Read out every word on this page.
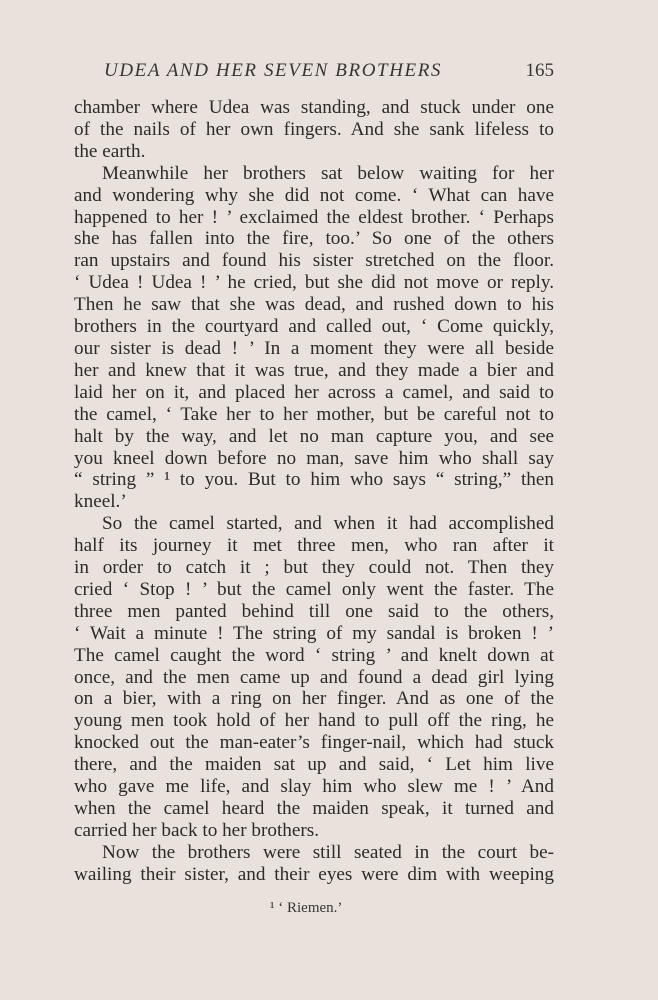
UDEA AND HER SEVEN BROTHERS	165
chamber where Udea was standing, and stuck under one
of the nails of her own fingers. And she sank lifeless to
the earth.
Meanwhile her brothers sat below waiting for her
and wondering why she did not come. ‘ What can have
happened to her ! ’ exclaimed the eldest brother. ‘ Perhaps
she has fallen into the fire, too.’ So one of the others
ran upstairs and found his sister stretched on the floor.
‘ Udea ! Udea ! ’ he cried, but she did not move or reply.
Then he saw that she was dead, and rushed down to his
brothers in the courtyard and called out, ‘ Come quickly,
our sister is dead ! ’ In a moment they were all beside
her and knew that it was true, and they made a bier and
laid her on it, and placed her across a camel, and said to
the camel, ‘ Take her to her mother, but be careful not to
halt by the way, and let no man capture you, and see
you kneel down before no man, save him who shall say
“ string ” ¹ to you. But to him who says “ string,” then
kneel.’
So the camel started, and when it had accomplished
half its journey it met three men, who ran after it
in order to catch it ; but they could not. Then they
cried ‘ Stop ! ’ but the camel only went the faster. The
three men panted behind till one said to the others,
‘ Wait a minute ! The string of my sandal is broken ! ’
The camel caught the word ‘ string ’ and knelt down at
once, and the men came up and found a dead girl lying
on a bier, with a ring on her finger. And as one of the
young men took hold of her hand to pull off the ring, he
knocked out the man-eater’s finger-nail, which had stuck
there, and the maiden sat up and said, ‘ Let him live
who gave me life, and slay him who slew me ! ’ And
when the camel heard the maiden speak, it turned and
carried her back to her brothers.
Now the brothers were still seated in the court be-
wailing their sister, and their eyes were dim with weeping
¹ ‘ Riemen.’
